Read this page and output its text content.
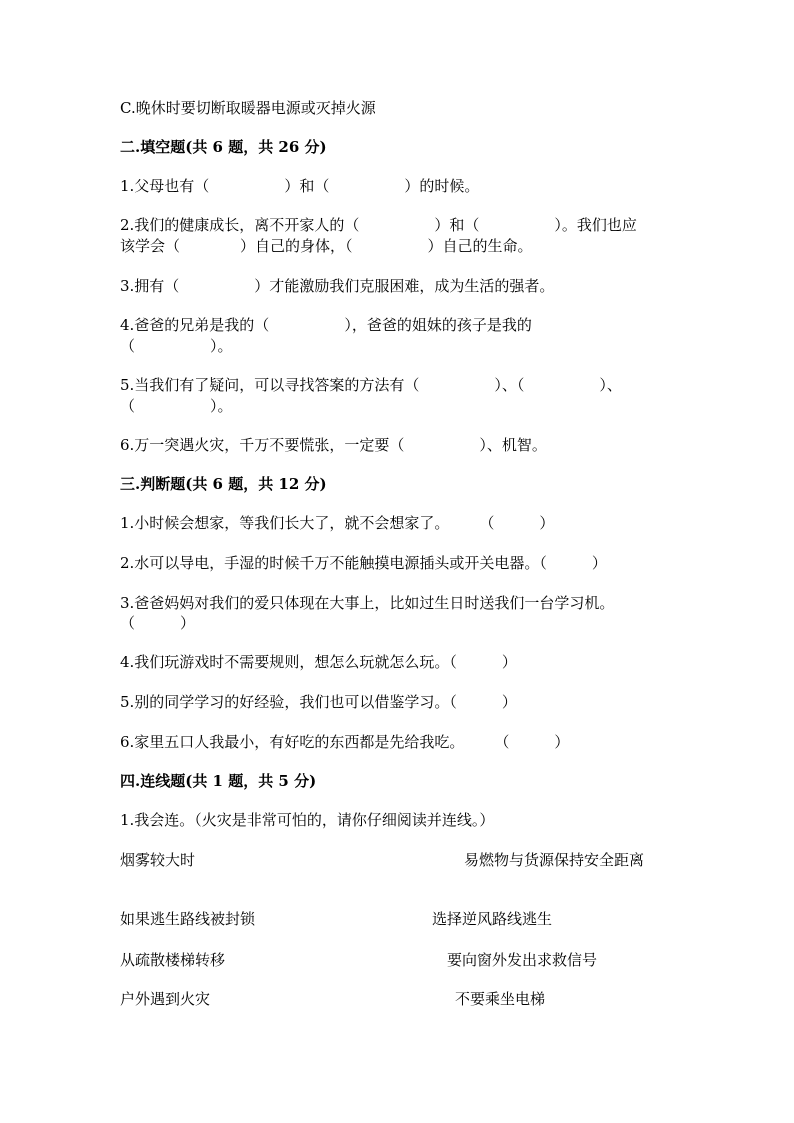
C.晚休时要切断取暖器电源或灭掉火源
二.填空题(共 6 题，共 26 分)
1.父母也有（　　　　　）和（　　　　　）的时候。
2.我们的健康成长，离不开家人的（　　　　　）和（　　　　　）。我们也应
该学会（　　　　）自己的身体，（　　　　　）自己的生命。
3.拥有（　　　　　）才能激励我们克服困难，成为生活的强者。
4.爸爸的兄弟是我的（　　　　　），爸爸的姐妹的孩子是我的
（　　　　　）。
5.当我们有了疑问，可以寻找答案的方法有（　　　　　）、（　　　　　）、
（　　　　　）。
6.万一突遇火灾，千万不要慌张，一定要（　　　　　）、机智。
三.判断题(共 6 题，共 12 分)
1.小时候会想家，等我们长大了，就不会想家了。　　　（　　　）
2.水可以导电，手湿的时候千万不能触摸电源插头或开关电器。（　　　）
3.爸爸妈妈对我们的爱只体现在大事上，比如过生日时送我们一台学习机。
（　　　）
4.我们玩游戏时不需要规则，想怎么玩就怎么玩。（　　　）
5.别的同学学习的好经验，我们也可以借鉴学习。（　　　）
6.家里五口人我最小，有好吃的东西都是先给我吃。　　　（　　　）
四.连线题(共 1 题，共 5 分)
1.我会连。（火灾是非常可怕的，请你仔细阅读并连线。）
烟雾较大时	易燃物与货源保持安全距离
如果逃生路线被封锁	选择逆风路线逃生
从疏散楼梯转移	要向窗外发出求救信号
户外遇到火灾	不要乘坐电梯
